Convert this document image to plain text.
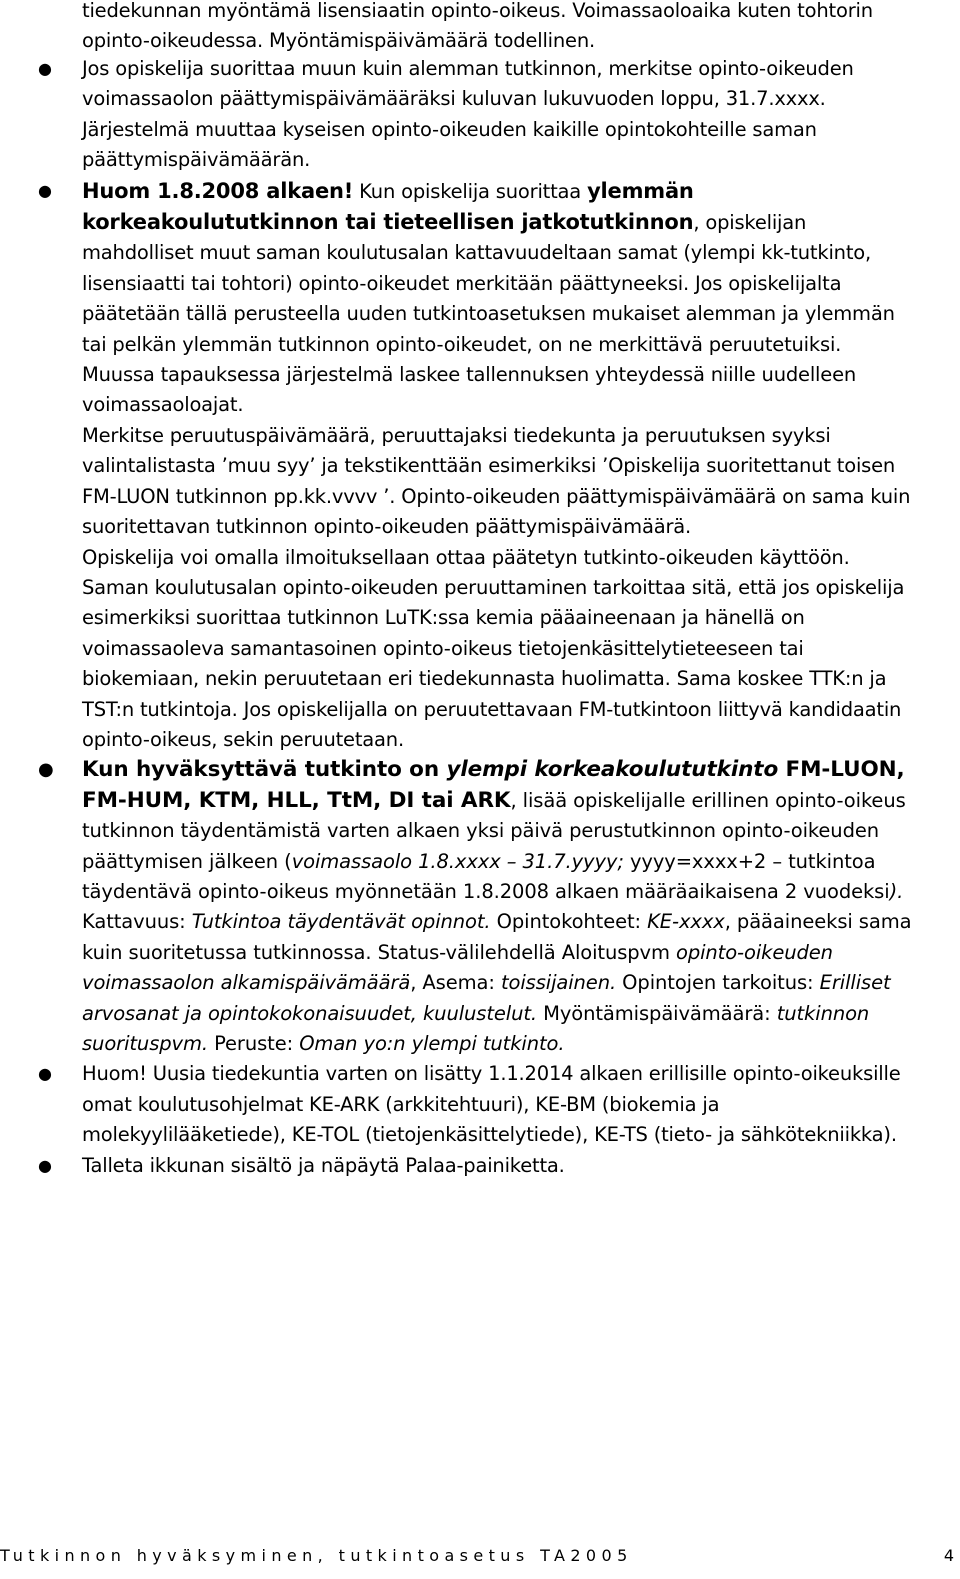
tiedekunnan myöntämä lisensiaatin opinto-oikeus. Voimassaoloaika kuten tohtorin opinto-oikeudessa. Myöntämispäivämäärä todellinen.
● Jos opiskelija suorittaa muun kuin alemman tutkinnon, merkitse opinto-oikeuden voimassaolon päättymispäivämääräksi kuluvan lukuvuoden loppu, 31.7.xxxx. Järjestelmä muuttaa kyseisen opinto-oikeuden kaikille opintokohteille saman päättymispäivämäärän.
● Huom 1.8.2008 alkaen! Kun opiskelija suorittaa ylemmän korkeakoulututkinnon tai tieteellisen jatkotutkinnon, opiskelijan mahdolliset muut saman koulutusalan kattavuudeltaan samat (ylempi kk-tutkinto, lisensiaatti tai tohtori) opinto-oikeudet merkitään päättyneeksi. Jos opiskelijalta päätetään tällä perusteella uuden tutkintoasetuksen mukaiset alemman ja ylemmän tai pelkän ylemmän tutkinnon opinto-oikeudet, on ne merkittävä peruutetuiksi. Muussa tapauksessa järjestelmä laskee tallennuksen yhteydessä niille uudelleen voimassaoloajat.
Merkitse peruutuspäivämäärä, peruuttajaksi tiedekunta ja peruutuksen syyksi valintalistasta ’muu syy’ ja tekstikenttään esimerkiksi ’Opiskelija suoritettanut toisen FM-LUON tutkinnon pp.kk.vvvv ’. Opinto-oikeuden päättymispäivämäärä on sama kuin suoritettavan tutkinnon opinto-oikeuden päättymispäivämäärä.
Opiskelija voi omalla ilmoituksellaan ottaa päätetyn tutkinto-oikeuden käyttöön. Saman koulutusalan opinto-oikeuden peruuttaminen tarkoittaa sitä, että jos opiskelija esimerkiksi suorittaa tutkinnon LuTK:ssa kemia pääaineenaan ja hänellä on voimassaoleva samantasoinen opinto-oikeus tietojenkäsittelytieteeseen tai biokemiaan, nekin peruutetaan eri tiedekunnasta huolimatta. Sama koskee TTK:n ja TST:n tutkintoja. Jos opiskelijalla on peruutettavaan FM-tutkintoon liittyvä kandidaatin opinto-oikeus, sekin peruutetaan.
● Kun hyväksyttävä tutkinto on ylempi korkeakoulututkinto FM-LUON, FM-HUM, KTM, HLL, TtM, DI tai ARK, lisää opiskelijalle erillinen opinto-oikeus tutkinnon täydentämistä varten alkaen yksi päivä perustutkinnon opinto-oikeuden päättymisen jälkeen (voimassaolo 1.8.xxxx – 31.7.yyyy; yyyy=xxxx+2 – tutkintoa täydentävä opinto-oikeus myönnetään 1.8.2008 alkaen määräaikaisena 2 vuodeksi). Kattavuus: Tutkintoa täydentävät opinnot. Opintokohteet: KE-xxxx, pääaineeksi sama kuin suoritetussa tutkinnossa. Status-välilehdellä Aloituspvm opinto-oikeuden voimassaolon alkamispäivämäärä, Asema: toissijainen. Opintojen tarkoitus: Erilliset arvosanat ja opintokokonaisuudet, kuulustelut. Myöntämispäivämäärä: tutkinnon suorituspvm. Peruste: Oman yo:n ylempi tutkinto.
● Huom! Uusia tiedekuntia varten on lisätty 1.1.2014 alkaen erillisille opinto-oikeuksille omat koulutusohjelmat KE-ARK (arkkitehtuuri), KE-BM (biokemia ja molekyylilääketiede), KE-TOL (tietojenkäsittelytiede), KE-TS (tieto- ja sähkötekniikka).
● Talleta ikkunan sisältö ja näpäytä Palaa-painiketta.
Tutkinnon hyväksyminen, tutkintoasetus TA2005	4
